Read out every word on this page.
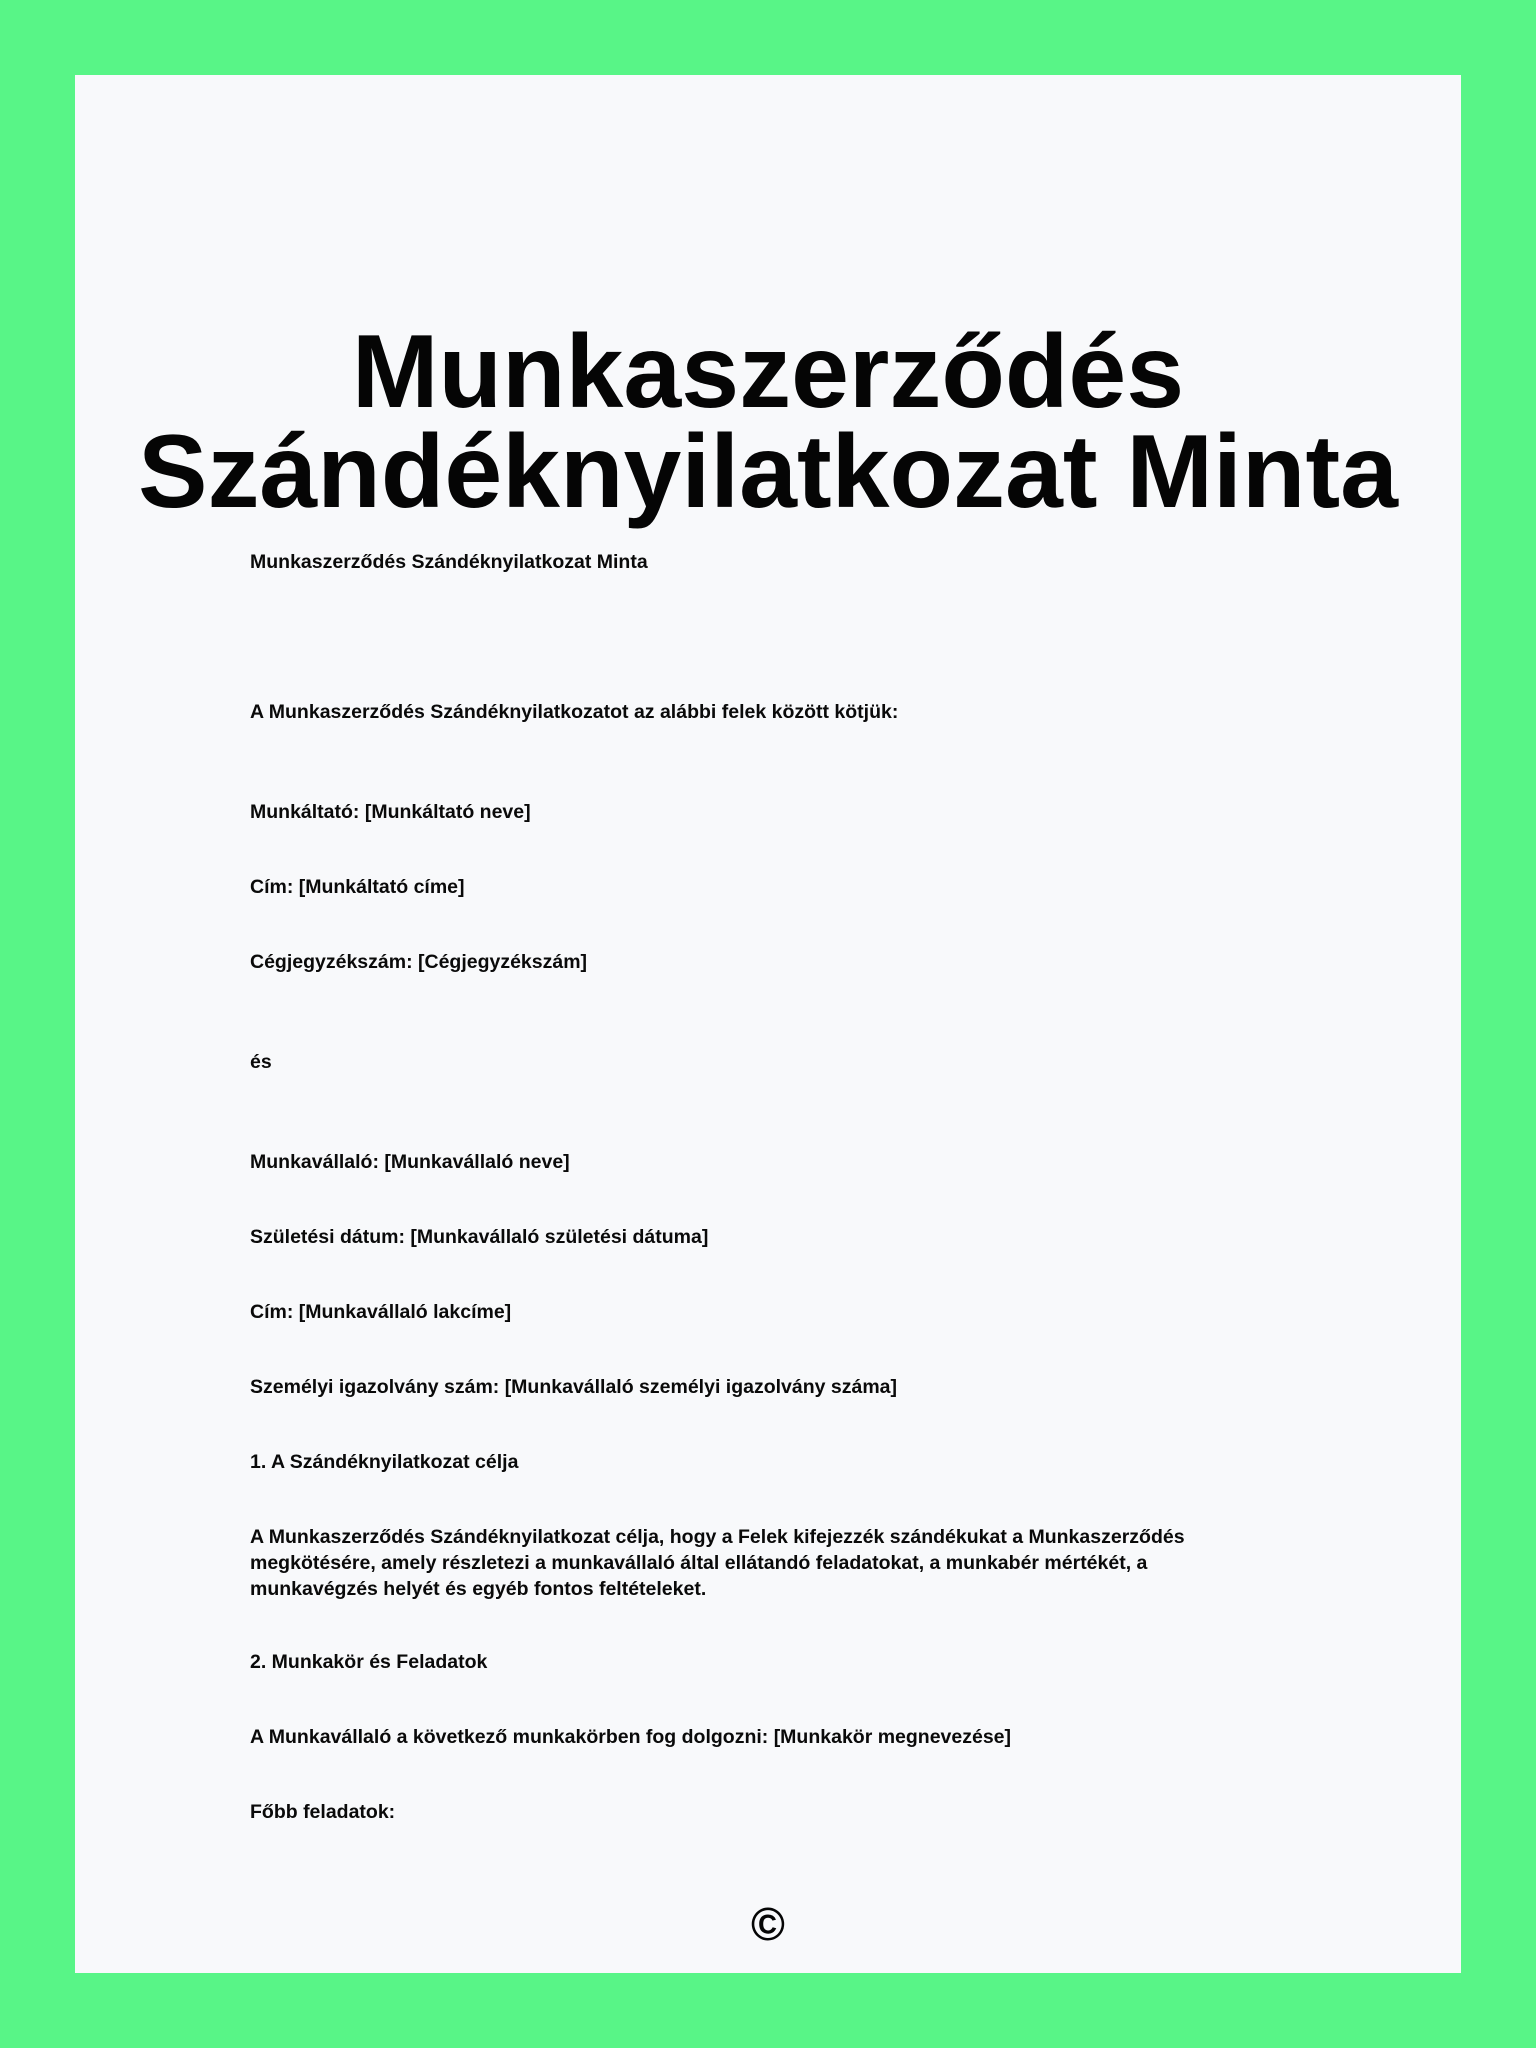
Munkaszerződés
Szándéknyilatkozat Minta

Munkaszerződés Szándéknyilatkozat Minta

A Munkaszerződés Szándéknyilatkozatot az alábbi felek között kötjük:

Munkáltató: [Munkáltató neve]

Cím: [Munkáltató címe]

Cégjegyzékszám: [Cégjegyzékszám]

és

Munkavállaló: [Munkavállaló neve]

Születési dátum: [Munkavállaló születési dátuma]

Cím: [Munkavállaló lakcíme]

Személyi igazolvány szám: [Munkavállaló személyi igazolvány száma]

1. A Szándéknyilatkozat célja

A Munkaszerződés Szándéknyilatkozat célja, hogy a Felek kifejezzék szándékukat a Munkaszerződés megkötésére, amely részletezi a munkavállaló által ellátandó feladatokat, a munkabér mértékét, a munkavégzés helyét és egyéb fontos feltételeket.

2. Munkakör és Feladatok

A Munkavállaló a következő munkakörben fog dolgozni: [Munkakör megnevezése]

Főbb feladatok:

©
